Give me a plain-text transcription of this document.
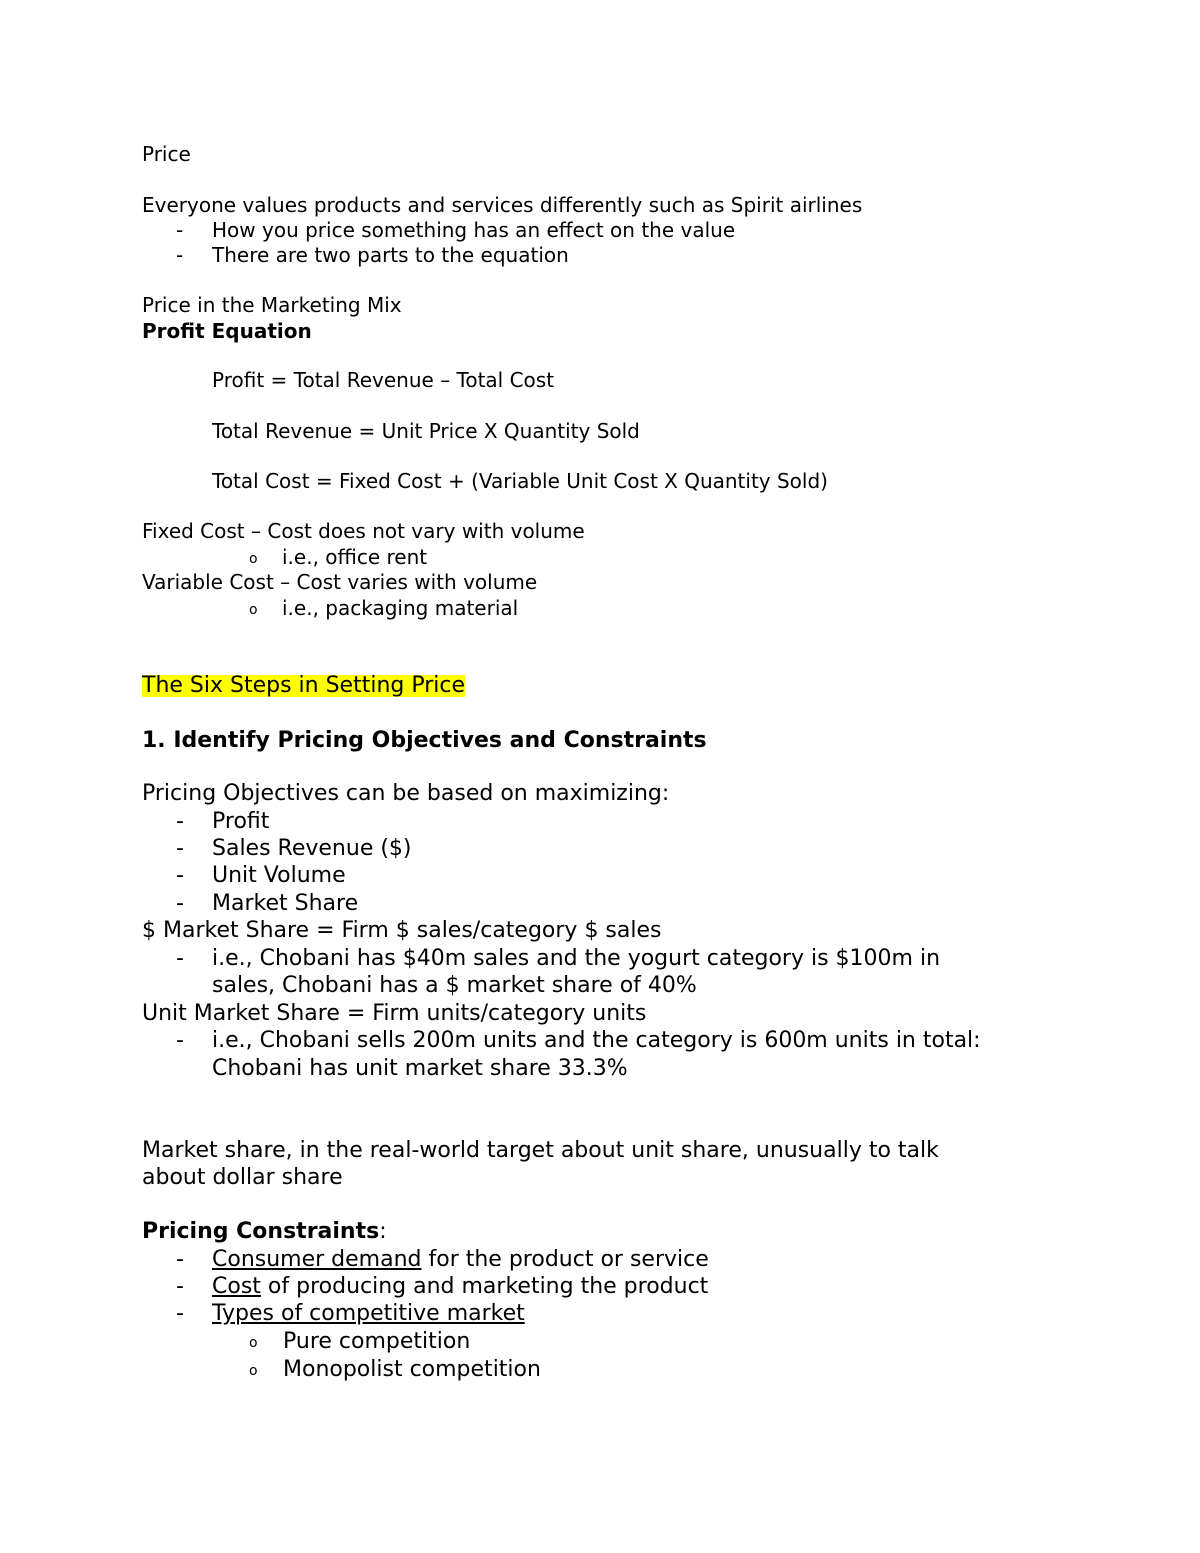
Price
Everyone values products and services differently such as Spirit airlines
- How you price something has an effect on the value
- There are two parts to the equation
Price in the Marketing Mix
Profit Equation
Profit = Total Revenue – Total Cost
Total Revenue = Unit Price X Quantity Sold
Total Cost = Fixed Cost + (Variable Unit Cost X Quantity Sold)
Fixed Cost – Cost does not vary with volume
o i.e., office rent
Variable Cost – Cost varies with volume
o i.e., packaging material
The Six Steps in Setting Price
1. Identify Pricing Objectives and Constraints
Pricing Objectives can be based on maximizing:
- Profit
- Sales Revenue ($)
- Unit Volume
- Market Share
$ Market Share = Firm $ sales/category $ sales
- i.e., Chobani has $40m sales and the yogurt category is $100m in
sales, Chobani has a $ market share of 40%
Unit Market Share = Firm units/category units
- i.e., Chobani sells 200m units and the category is 600m units in total:
Chobani has unit market share 33.3%
Market share, in the real-world target about unit share, unusually to talk
about dollar share
Pricing Constraints:
- Consumer demand for the product or service
- Cost of producing and marketing the product
- Types of competitive market
o Pure competition
o Monopolist competition
